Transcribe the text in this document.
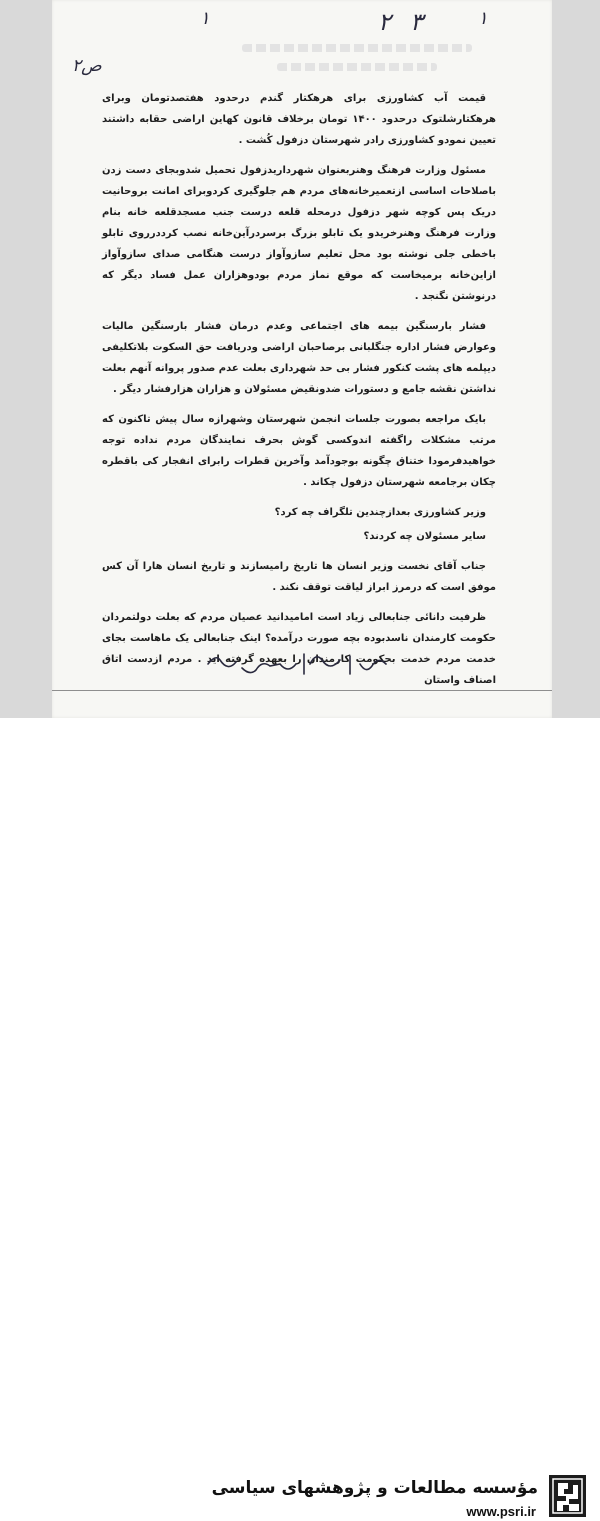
۲ ۳	۱
۱
ص۲

قیمت آب کشاورزی برای هرهکتار گندم درحدود هفتصدتومان وبرای هرهکتارشلتوک درحدود ۱۴۰۰ تومان برخلاف قانون کهاین اراضی حقابه داشتند تعیین نمودو کشاورزی رادر شهرستان دزفول کُشت .

مسئول وزارت فرهنگ وهنربعنوان شهرداریدزفول تحمیل شدوبجای دست زدن باصلاحات اساسی ازتعمیرخانه‌های مردم هم جلوگیری کردوبرای امانت بروحانیت دریک پس کوچه شهر دزفول درمحله قلعه درست جنب مسجدقلعه خانه بنام وزارت فرهنگ وهنرخریدو یک تابلو بزرگ برسردرآین‌خانه نصب کرددرروی تابلو باخطی جلی نوشته بود محل تعلیم سازوآواز درست هنگامی صدای سازوآواز ازاین‌خانه برمیخاست که موقع نماز مردم بودوهزاران عمل فساد دیگر که درنوشتن نگنجد .

فشار بارسنگین بیمه های اجتماعی وعدم درمان فشار بارسنگین مالیات وعوارض فشار اداره جنگلبانی برصاحبان اراضی ودریافت حق السکوت بلاتکلیفی دیپلمه های پشت کنکور فشار بی حد شهرداری بعلت عدم صدور پروانه آنهم بعلت نداشتن نقشه جامع و دستورات ضدونقیض مسئولان و هزاران هزارفشار دیگر .

بایک مراجعه بصورت جلسات انجمن شهرستان وشهرازه سال پیش تاکنون که مرتب مشکلات راگفته اندوکسی گوش بحرف نمایندگان مردم نداده توجه خواهیدفرمودا ختناق چگونه بوجودآمد وآخرین قطرات رابرای انفجار کی باقطره چکان برجامعه شهرستان دزفول چکاند .

وزیر کشاورزی بعدازچندین تلگراف چه کرد؟

سایر مسئولان چه کردند؟

جناب آقای نخست وزیر انسان ها تاریخ رامیسازند و تاریخ انسان هارا آن کس موفق است که درمرز ابراز لیاقت توقف نکند .

ظرفیت دانائی جنابعالی زیاد است امامیدانید عصیان مردم که بعلت دولتمردان حکومت کارمندان ناسدبوده بچه صورت درآمده؟ اینک جنابعالی یک ماهاست بجای خدمت مردم خدمت بحکومت کارمندان را بعهده گرفته اید . مردم ازدست اتاق اصناف واستان

مؤسسه مطالعات و پژوهشهای سیاسی
www.psri.ir
